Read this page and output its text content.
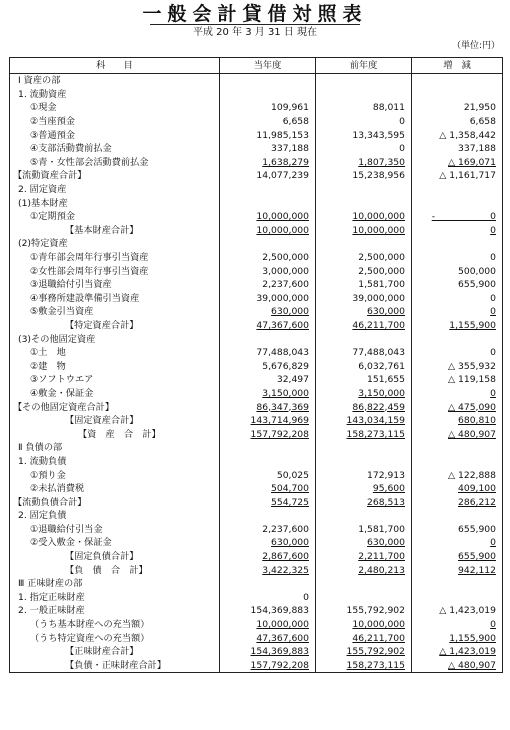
一般会計貸借対照表
平成 20 年 3 月 31 日 現在
（単位:円）
科　　目	当年度	前年度	増　減
Ⅰ 資産の部			
1. 流動資産			
①現金	109,961	88,011	21,950
②当座預金	6,658	0	6,658
③普通預金	11,985,153	13,343,595	△ 1,358,442
④支部活動費前払金	337,188	0	337,188
⑤青・女性部会活動費前払金	1,638,279	1,807,350	△ 169,071
【流動資産合計】	14,077,239	15,238,956	△ 1,161,717
2. 固定資産			
(1)基本財産			
①定期預金	10,000,000	10,000,000	-　　　　　　0
【基本財産合計】	10,000,000	10,000,000	0
(2)特定資産			
①青年部会周年行事引当資産	2,500,000	2,500,000	0
②女性部会周年行事引当資産	3,000,000	2,500,000	500,000
③退職給付引当資産	2,237,600	1,581,700	655,900
④事務所建設準備引当資産	39,000,000	39,000,000	0
⑤敷金引当資産	630,000	630,000	0
【特定資産合計】	47,367,600	46,211,700	1,155,900
(3)その他固定資産			
①土　地	77,488,043	77,488,043	0
②建　物	5,676,829	6,032,761	△ 355,932
③ソフトウエア	32,497	151,655	△ 119,158
④敷金・保証金	3,150,000	3,150,000	0
【その他固定資産合計】	86,347,369	86,822,459	△ 475,090
【固定資産合計】	143,714,969	143,034,159	680,810
【資　産　合　計】	157,792,208	158,273,115	△ 480,907
Ⅱ 負債の部			
1. 流動負債			
①預り金	50,025	172,913	△ 122,888
②未払消費税	504,700	95,600	409,100
【流動負債合計】	554,725	268,513	286,212
2. 固定負債			
①退職給付引当金	2,237,600	1,581,700	655,900
②受入敷金・保証金	630,000	630,000	0
【固定負債合計】	2,867,600	2,211,700	655,900
【負　債　合　計】	3,422,325	2,480,213	942,112
Ⅲ 正味財産の部			
1. 指定正味財産	0		
2. 一般正味財産	154,369,883	155,792,902	△ 1,423,019
（うち基本財産への充当額）	10,000,000	10,000,000	0
（うち特定資産への充当額）	47,367,600	46,211,700	1,155,900
【正味財産合計】	154,369,883	155,792,902	△ 1,423,019
【負債・正味財産合計】	157,792,208	158,273,115	△ 480,907
